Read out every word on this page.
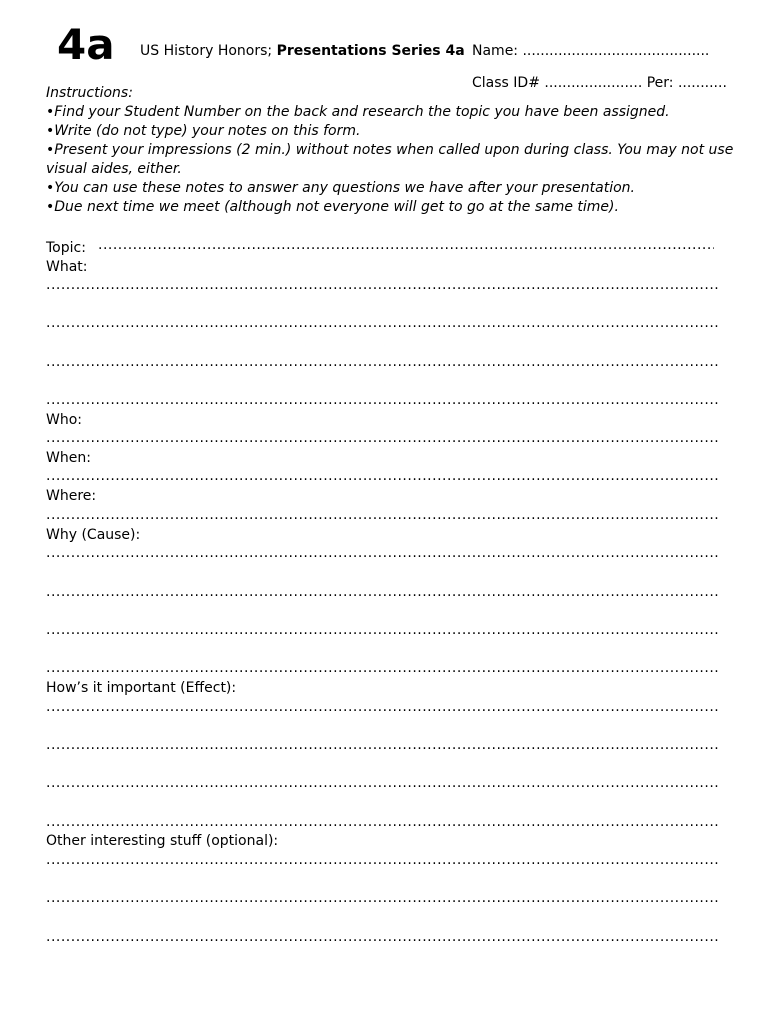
4a US History Honors; Presentations Series 4a Name: ..........................................
Class ID# ...................... Per: ...........
Instructions:
•Find your Student Number on the back and research the topic you have been assigned.
•Write (do not type) your notes on this form.
•Present your impressions (2 min.) without notes when called upon during class. You may not use visual aides, either.
•You can use these notes to answer any questions we have after your presentation.
•Due next time we meet (although not everyone will get to go at the same time).
Topic:
.....
What:
.....
.....
.....
.....
Who:
.....
When:
.....
Where:
.....
Why (Cause):
.....
.....
.....
.....
How’s it important (Effect):
.....
.....
.....
.....
Other interesting stuff (optional):
.....
.....
.....
